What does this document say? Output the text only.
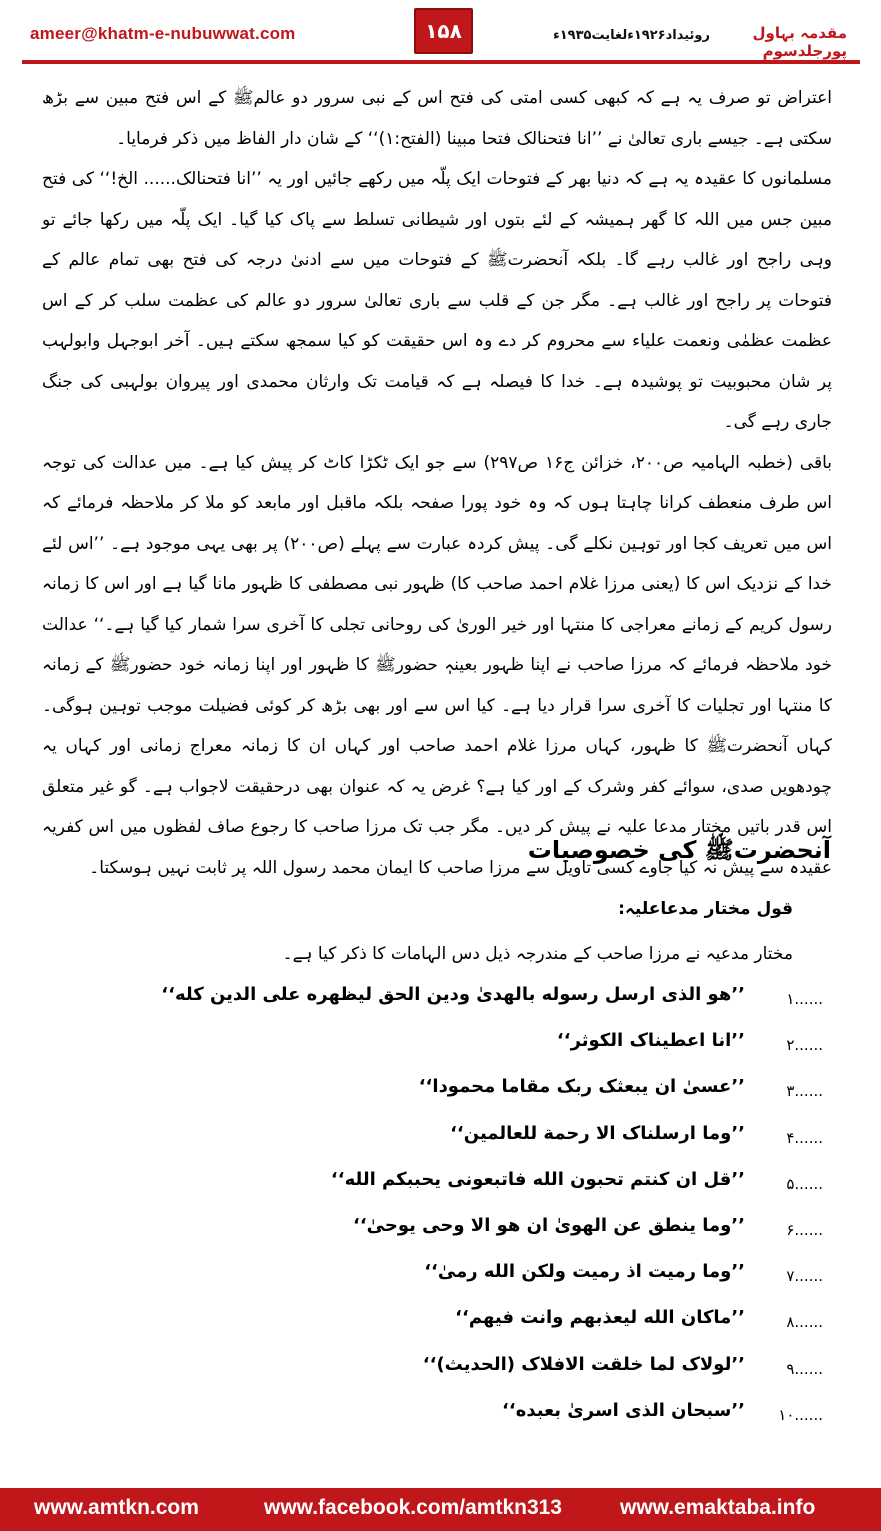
ameer@khatm-e-nubuwwat.com	۱۵۸	روئیداد۱۹۲۶ءلغایت۱۹۳۵ء	مقدمہ بہاول پورجلدسوم

اعتراض تو صرف یہ ہے کہ کبھی کسی امتی کی فتح اس کے نبی سرور دو عالمﷺ کے اس فتح مبین سے بڑھ سکتی ہے۔ جیسے باری تعالیٰ نے ’’انا فتحنالک فتحا مبینا (الفتح:۱)‘‘ کے شان دار الفاظ میں ذکر فرمایا۔

مسلمانوں کا عقیدہ یہ ہے کہ دنیا بھر کے فتوحات ایک پلّہ میں رکھے جائیں اور یہ ’’انا فتحنالک...... الخ!‘‘ کی فتح مبین جس میں اللہ کا گھر ہمیشہ کے لئے بتوں اور شیطانی تسلط سے پاک کیا گیا۔ ایک پلّہ میں رکھا جائے تو وہی راجح اور غالب رہے گا۔ بلکہ آنحضرتﷺ کے فتوحات میں سے ادنیٰ درجہ کی فتح بھی تمام عالم کے فتوحات پر راجح اور غالب ہے۔ مگر جن کے قلب سے باری تعالیٰ سرور دو عالم کی عظمت سلب کر کے اس عظمت عظمٰی ونعمت علیاء سے محروم کر دے وہ اس حقیقت کو کیا سمجھ سکتے ہیں۔ آخر ابوجہل وابولہب پر شان محبوبیت تو پوشیدہ ہے۔ خدا کا فیصلہ ہے کہ قیامت تک وارثان محمدی اور پیروان بولہبی کی جنگ جاری رہے گی۔

باقی (خطبہ الہامیہ ص۲۰۰، خزائن ج۱۶ ص۲۹۷) سے جو ایک ٹکڑا کاٹ کر پیش کیا ہے۔ میں عدالت کی توجہ اس طرف منعطف کرانا چاہتا ہوں کہ وہ خود پورا صفحہ بلکہ ماقبل اور مابعد کو ملا کر ملاحظہ فرمائے کہ اس میں تعریف کجا اور توہین نکلے گی۔ پیش کردہ عبارت سے پہلے (ص۲۰۰) پر بھی یہی موجود ہے۔ ’’اس لئے خدا کے نزدیک اس کا (یعنی مرزا غلام احمد صاحب کا) ظہور نبی مصطفی کا ظہور مانا گیا ہے اور اس کا زمانہ رسول کریم کے زمانے معراجی کا منتہا اور خیر الوریٰ کی روحانی تجلی کا آخری سرا شمار کیا گیا ہے۔‘‘ عدالت خود ملاحظہ فرمائے کہ مرزا صاحب نے اپنا ظہور بعینہٖ حضورﷺ کا ظہور اور اپنا زمانہ خود حضورﷺ کے زمانہ کا منتہا اور تجلیات کا آخری سرا قرار دیا ہے۔ کیا اس سے اور بھی بڑھ کر کوئی فضیلت موجب توہین ہوگی۔ کہاں آنحضرتﷺ کا ظہور، کہاں مرزا غلام احمد صاحب اور کہاں ان کا زمانہ معراج زمانی اور کہاں یہ چودھویں صدی، سوائے کفر وشرک کے اور کیا ہے؟ غرض یہ کہ عنوان بھی درحقیقت لاجواب ہے۔ گو غیر متعلق اس قدر باتیں مختار مدعا علیہ نے پیش کر دیں۔ مگر جب تک مرزا صاحب کا رجوع صاف لفظوں میں اس کفریہ عقیدہ سے پیش نہ کیا جاوے کسی تاویل سے مرزا صاحب کا ایمان محمد رسول اللہ پر ثابت نہیں ہوسکتا۔

آنحضرتﷺ کی خصوصیات
قول مختار مدعاعلیہ:
مختار مدعیہ نے مرزا صاحب کے مندرجہ ذیل دس الہامات کا ذکر کیا ہے۔
۱......
’’هو الذى ارسل رسوله بالهدىٰ ودين الحق ليظهره على الدين كله‘‘
۲......
’’انا اعطيناک الكوثر‘‘
۳......
’’عسىٰ ان يبعثک ربک مقاما محمودا‘‘
۴......
’’وما ارسلناک الا رحمة للعالمين‘‘
۵......
’’قل ان كنتم تحبون الله فاتبعونی يحببكم الله‘‘
۶......
’’وما ينطق عن الهوىٰ ان هو الا وحى يوحىٰ‘‘
۷......
’’وما رميت اذ رميت ولكن الله رمىٰ‘‘
۸......
’’ماكان الله ليعذبهم وانت فيهم‘‘
۹......
’’لولاک لما خلقت الافلاک (الحديث)‘‘
۱۰......
’’سبحان الذى اسرىٰ بعبده‘‘
www.amtkn.com	www.facebook.com/amtkn313	www.emaktaba.info
